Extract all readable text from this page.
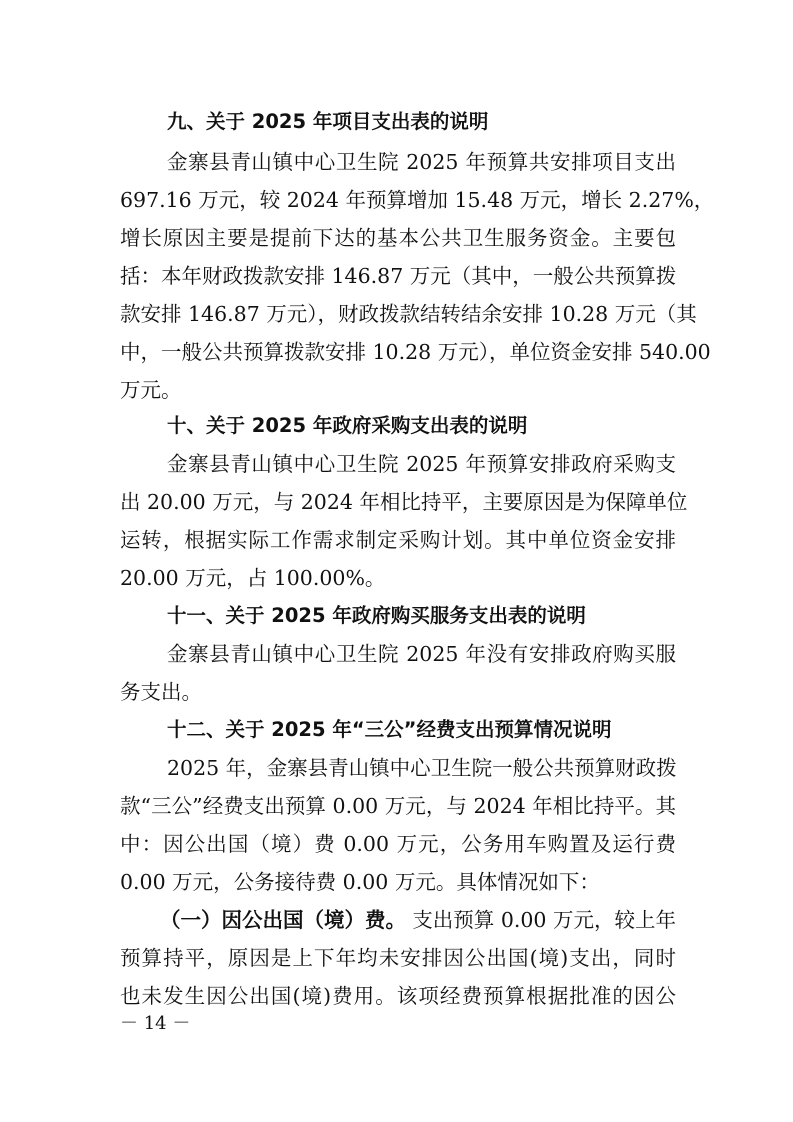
九、关于 2025 年项目支出表的说明
金寨县青山镇中心卫生院 2025 年预算共安排项目支出
697.16 万元，较 2024 年预算增加 15.48 万元，增长 2.27%，
增长原因主要是提前下达的基本公共卫生服务资金。主要包
括：本年财政拨款安排 146.87 万元（其中，一般公共预算拨
款安排 146.87 万元），财政拨款结转结余安排 10.28 万元（其
中，一般公共预算拨款安排 10.28 万元），单位资金安排 540.00
万元。
十、关于 2025 年政府采购支出表的说明
金寨县青山镇中心卫生院 2025 年预算安排政府采购支
出 20.00 万元，与 2024 年相比持平，主要原因是为保障单位
运转，根据实际工作需求制定采购计划。其中单位资金安排
20.00 万元，占 100.00%。
十一、关于 2025 年政府购买服务支出表的说明
金寨县青山镇中心卫生院 2025 年没有安排政府购买服
务支出。
十二、关于 2025 年“三公”经费支出预算情况说明
2025 年，金寨县青山镇中心卫生院一般公共预算财政拨
款“三公”经费支出预算 0.00 万元，与 2024 年相比持平。其
中：因公出国（境）费 0.00 万元，公务用车购置及运行费
0.00 万元，公务接待费 0.00 万元。具体情况如下：
（一）因公出国（境）费。 支出预算 0.00 万元，较上年
预算持平，原因是上下年均未安排因公出国(境)支出，同时
也未发生因公出国(境)费用。该项经费预算根据批准的因公
－ 14 －
